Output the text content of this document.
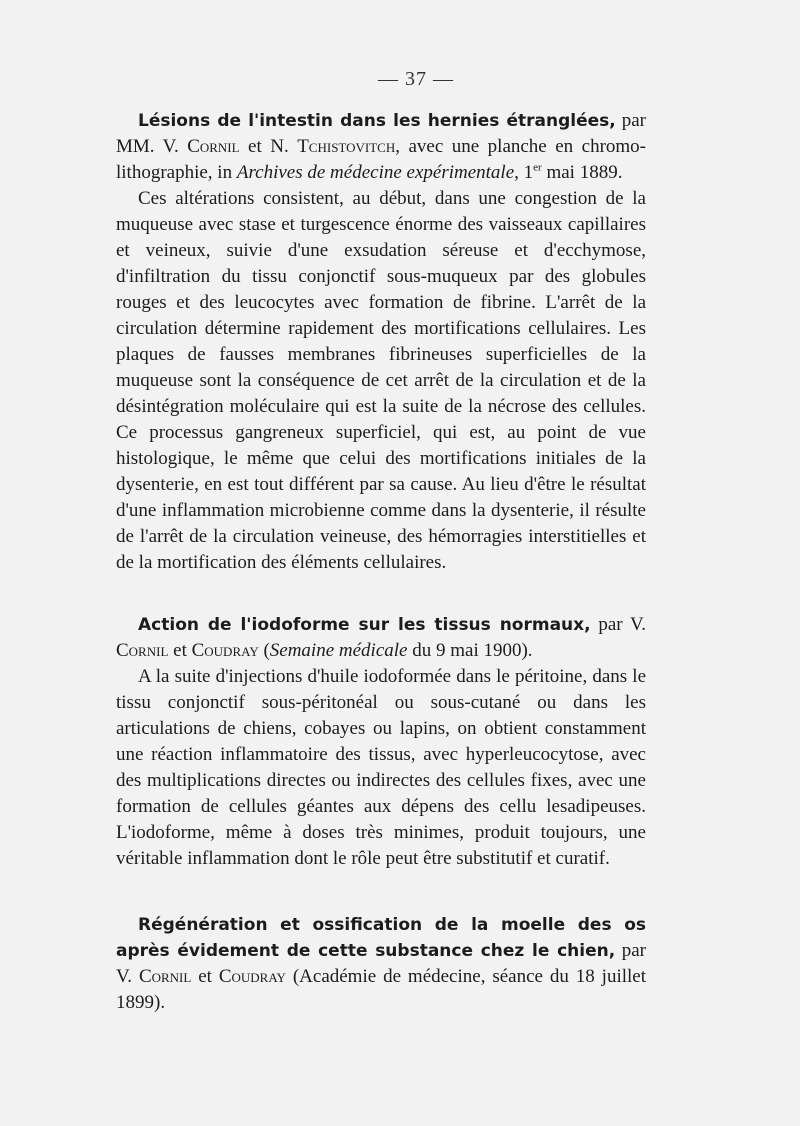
— 37 —

Lésions de l'intestin dans les hernies étranglées, par MM. V. Cornil et N. Tchistovitch, avec une planche en chromo-lithographie, in Archives de médecine expérimentale, 1er mai 1889.

Ces altérations consistent, au début, dans une congestion de la muqueuse avec stase et turgescence énorme des vaisseaux capillaires et veineux, suivie d'une exsudation séreuse et d'ecchymose, d'infiltration du tissu conjonctif sous-muqueux par des globules rouges et des leucocytes avec formation de fibrine. L'arrêt de la circulation détermine rapidement des mortifications cellulaires. Les plaques de fausses membranes fibrineuses superficielles de la muqueuse sont la conséquence de cet arrêt de la circulation et de la désintégration moléculaire qui est la suite de la nécrose des cellules. Ce processus gangreneux superficiel, qui est, au point de vue histologique, le même que celui des mortifications initiales de la dysenterie, en est tout différent par sa cause. Au lieu d'être le résultat d'une inflammation microbienne comme dans la dysenterie, il résulte de l'arrêt de la circulation veineuse, des hémorragies interstitielles et de la mortification des éléments cellulaires.

Action de l'iodoforme sur les tissus normaux, par V. Cornil et Coudray (Semaine médicale du 9 mai 1900).

A la suite d'injections d'huile iodoformée dans le péritoine, dans le tissu conjonctif sous-péritonéal ou sous-cutané ou dans les articulations de chiens, cobayes ou lapins, on obtient constamment une réaction inflammatoire des tissus, avec hyperleucocytose, avec des multiplications directes ou indirectes des cellules fixes, avec une formation de cellules géantes aux dépens des cellu lesadipeuses. L'iodoforme, même à doses très minimes, produit toujours, une véritable inflammation dont le rôle peut être substitutif et curatif.

Régénération et ossification de la moelle des os après évidement de cette substance chez le chien, par V. Cornil et Coudray (Académie de médecine, séance du 18 juillet 1899).
